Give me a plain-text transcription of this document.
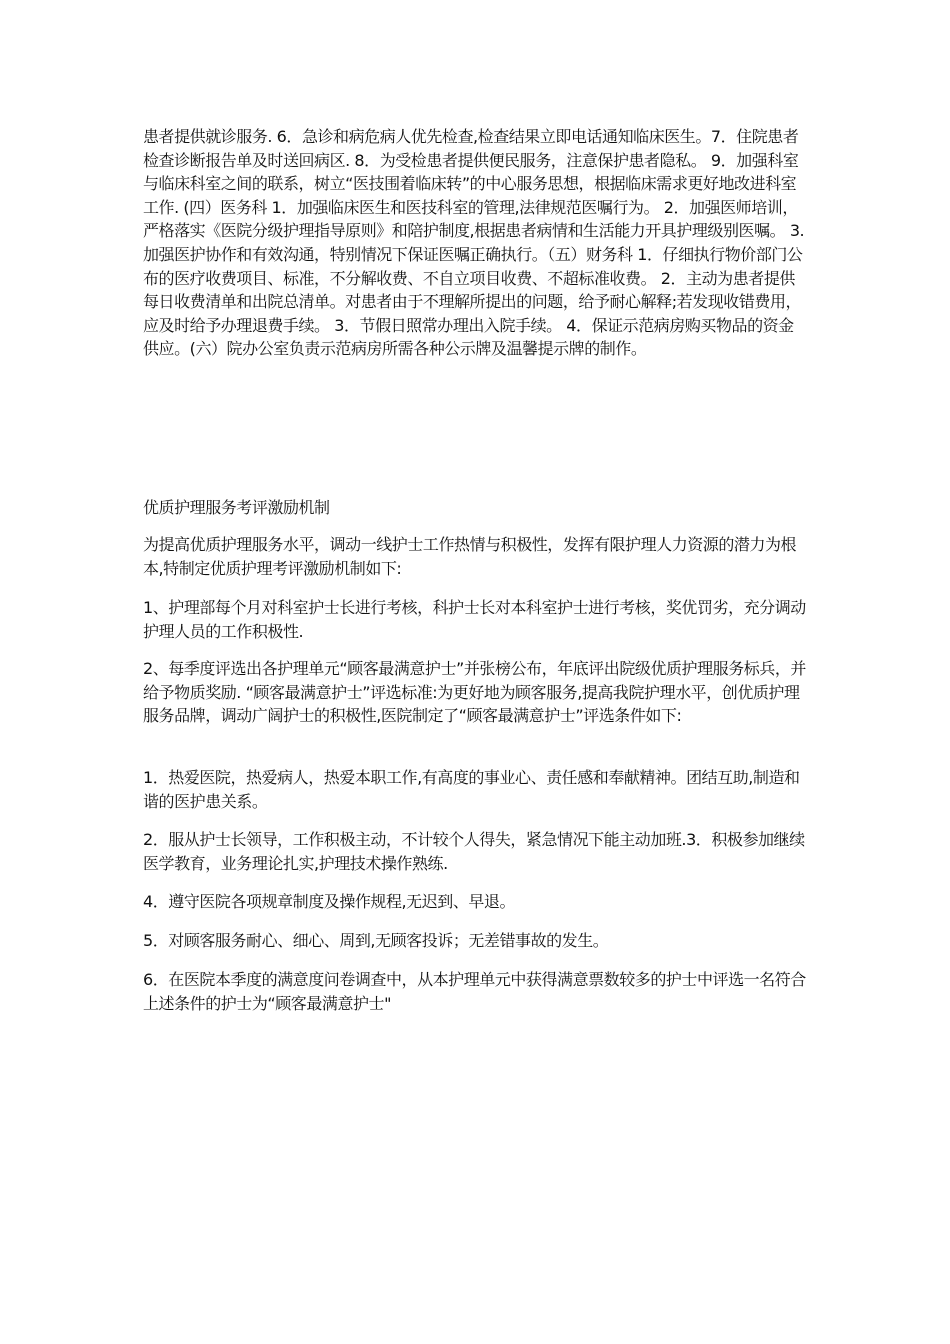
患者提供就诊服务. 6．急诊和病危病人优先检查,检查结果立即电话通知临床医生。7．住院患者检查诊断报告单及时送回病区. 8．为受检患者提供便民服务，注意保护患者隐私。 9．加强科室与临床科室之间的联系，树立“医技围着临床转”的中心服务思想，根据临床需求更好地改进科室工作. (四）医务科 1．加强临床医生和医技科室的管理,法律规范医嘱行为。 2．加强医师培训，严格落实《医院分级护理指导原则》和陪护制度,根据患者病情和生活能力开具护理级别医嘱。 3. 加强医护协作和有效沟通，特别情况下保证医嘱正确执行。（五）财务科 1．仔细执行物价部门公布的医疗收费项目、标准，不分解收费、不自立项目收费、不超标准收费。 2．主动为患者提供每日收费清单和出院总清单。对患者由于不理解所提出的问题，给予耐心解释;若发现收错费用，应及时给予办理退费手续。 3．节假日照常办理出入院手续。 4．保证示范病房购买物品的资金供应。(六）院办公室负责示范病房所需各种公示牌及温馨提示牌的制作。

优质护理服务考评激励机制

为提高优质护理服务水平，调动一线护士工作热情与积极性，发挥有限护理人力资源的潜力为根本,特制定优质护理考评激励机制如下:

1、护理部每个月对科室护士长进行考核，科护士长对本科室护士进行考核，奖优罚劣，充分调动护理人员的工作积极性.

2、每季度评选出各护理单元“顾客最满意护士”并张榜公布，年底评出院级优质护理服务标兵，并给予物质奖励. “顾客最满意护士”评选标准:为更好地为顾客服务,提高我院护理水平，创优质护理服务品牌，调动广阔护士的积极性,医院制定了“顾客最满意护士”评选条件如下:

1．热爱医院，热爱病人，热爱本职工作,有高度的事业心、责任感和奉献精神。团结互助,制造和谐的医护患关系。

2．服从护士长领导，工作积极主动，不计较个人得失，紧急情况下能主动加班.3．积极参加继续医学教育，业务理论扎实,护理技术操作熟练.

4．遵守医院各项规章制度及操作规程,无迟到、早退。

5．对顾客服务耐心、细心、周到,无顾客投诉；无差错事故的发生。

6．在医院本季度的满意度问卷调查中，从本护理单元中获得满意票数较多的护士中评选一名符合上述条件的护士为“顾客最满意护士"
